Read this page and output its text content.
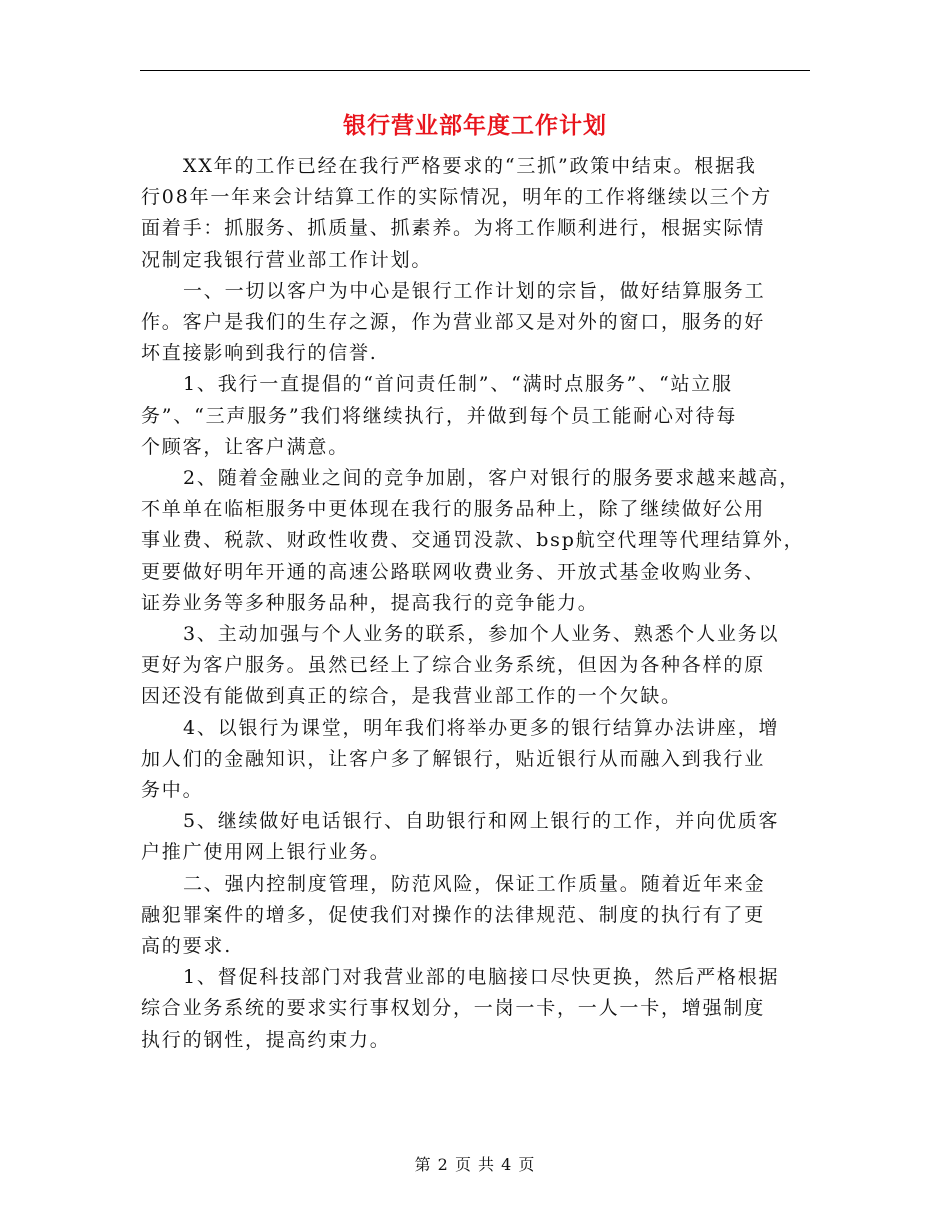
银行营业部年度工作计划
XX年的工作已经在我行严格要求的“三抓”政策中结束。根据我
行08年一年来会计结算工作的实际情况，明年的工作将继续以三个方
面着手：抓服务、抓质量、抓素养。为将工作顺利进行，根据实际情
况制定我银行营业部工作计划。
一、一切以客户为中心是银行工作计划的宗旨，做好结算服务工
作。客户是我们的生存之源，作为营业部又是对外的窗口，服务的好
坏直接影响到我行的信誉.
1、我行一直提倡的“首问责任制”、“满时点服务”、“站立服
务”、“三声服务”我们将继续执行，并做到每个员工能耐心对待每
个顾客，让客户满意。
2、随着金融业之间的竞争加剧，客户对银行的服务要求越来越高，
不单单在临柜服务中更体现在我行的服务品种上，除了继续做好公用
事业费、税款、财政性收费、交通罚没款、bsp航空代理等代理结算外，
更要做好明年开通的高速公路联网收费业务、开放式基金收购业务、
证券业务等多种服务品种，提高我行的竞争能力。
3、主动加强与个人业务的联系，参加个人业务、熟悉个人业务以
更好为客户服务。虽然已经上了综合业务系统，但因为各种各样的原
因还没有能做到真正的综合，是我营业部工作的一个欠缺。
4、以银行为课堂，明年我们将举办更多的银行结算办法讲座，增
加人们的金融知识，让客户多了解银行，贴近银行从而融入到我行业
务中。
5、继续做好电话银行、自助银行和网上银行的工作，并向优质客
户推广使用网上银行业务。
二、强内控制度管理，防范风险，保证工作质量。随着近年来金
融犯罪案件的增多，促使我们对操作的法律规范、制度的执行有了更
高的要求.
1、督促科技部门对我营业部的电脑接口尽快更换，然后严格根据
综合业务系统的要求实行事权划分，一岗一卡，一人一卡，增强制度
执行的钢性，提高约束力。
第 2 页 共 4 页
